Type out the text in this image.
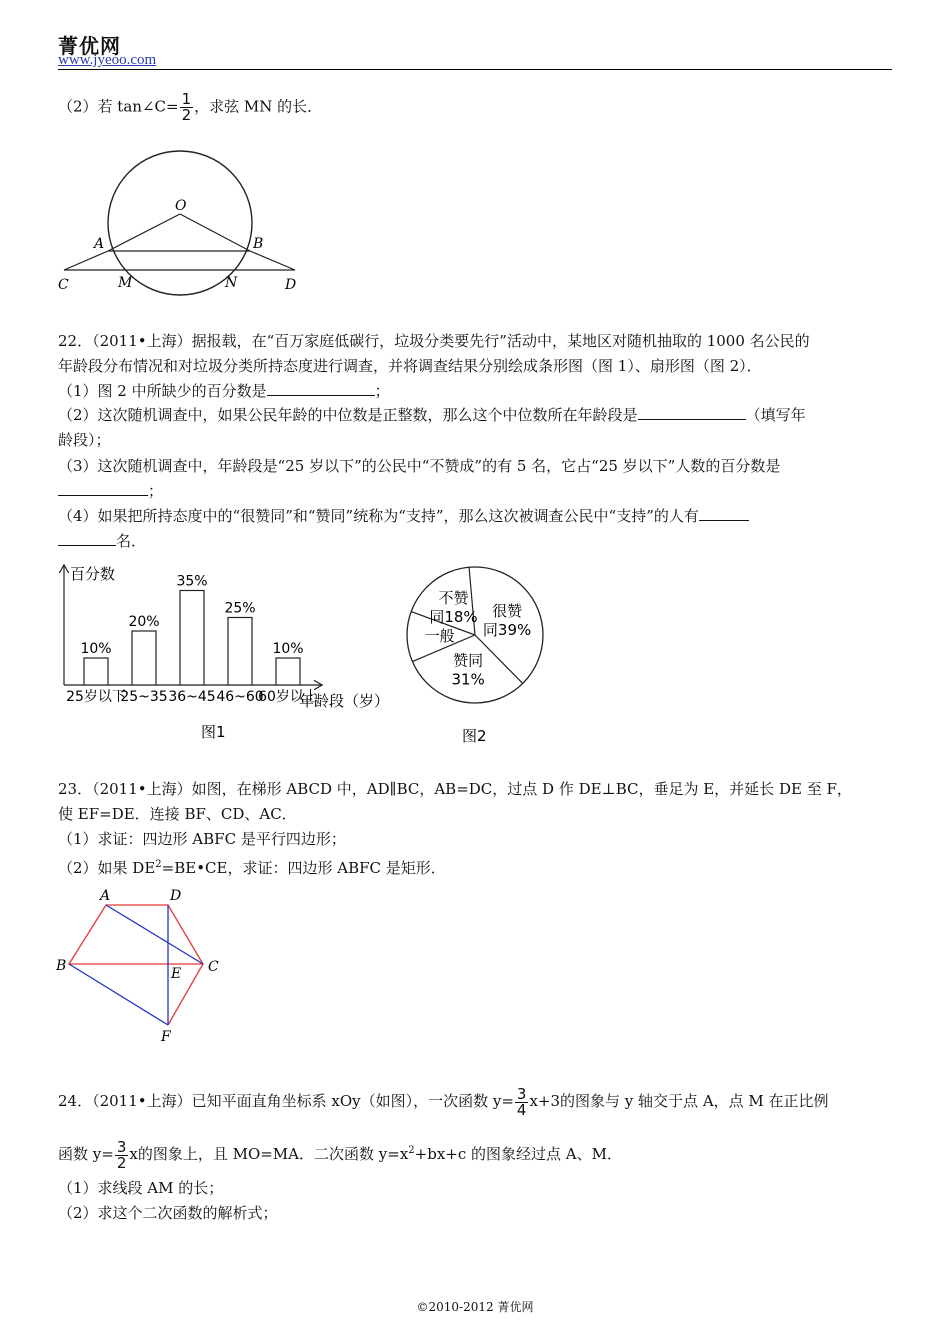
菁优网
www.jyeoo.com
（2）若 tan∠C= $\frac{1}{2}$ ，求弦 MN 的长．
O
A	B
C	M	N	D
22．（2011•上海）据报载，在“百万家庭低碳行，垃圾分类要先行”活动中，某地区对随机抽取的 1000 名公民的
年龄段分布情况和对垃圾分类所持态度进行调查，并将调查结果分别绘成条形图（图 1）、扇形图（图 2）．
（1）图 2 中所缺少的百分数是	；
（2）这次随机调查中，如果公民年龄的中位数是正整数，那么这个中位数所在年龄段是	（填写年
龄段）；
（3）这次随机调查中，年龄段是“25 岁以下”的公民中“不赞成”的有 5 名，它占“25 岁以下”人数的百分数是
；
（4）如果把所持态度中的“很赞同”和“赞同”统称为“支持”，那么这次被调查公民中“支持”的人有
名．
百分数
年龄段（岁）
10%
25岁以下
20%
25~35
35%
36~45
25%
46~60
10%
60岁以上
图1
很赞
同39%
赞同
31%
一般
不赞
同18%
图2
23．（2011•上海）如图，在梯形 ABCD 中，AD∥BC，AB=DC，过点 D 作 DE⊥BC，垂足为 E，并延长 DE 至 F，
使 EF=DE．连接 BF、CD、AC．
（1）求证：四边形 ABFC 是平行四边形；
（2）如果 $DE^2=BE•CE$，求证：四边形 ABFC 是矩形．
A	D
B	E C
F
24．（2011•上海）已知平面直角坐标系 xOy（如图），一次函数 $y= \frac{3}{4} x+3$的图象与 y 轴交于点 A，点 M 在正比例
函数 $y= \frac{3}{2}$ x的图象上，且 MO=MA．二次函数 $y=x^2+bx+c$ 的图象经过点 A、M．
（1）求线段 AM 的长；
（2）求这个二次函数的解析式；
©2010-2012 菁优网
